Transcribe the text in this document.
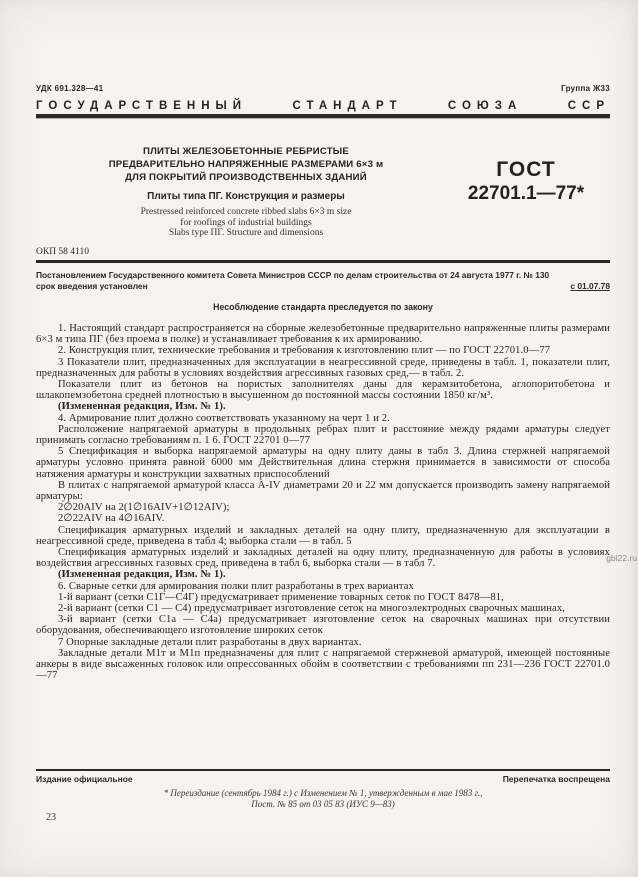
УДК 691.328—41	Группа Ж33
ГОСУДАРСТВЕННЫЙ СТАНДАРТ СОЮЗА ССР
ПЛИТЫ ЖЕЛЕЗОБЕТОННЫЕ РЕБРИСТЫЕ
ПРЕДВАРИТЕЛЬНО НАПРЯЖЕННЫЕ РАЗМЕРАМИ 6×3 м
ДЛЯ ПОКРЫТИЙ ПРОИЗВОДСТВЕННЫХ ЗДАНИЙ
Плиты типа ПГ. Конструкция и размеры
Prestressed reinforced concrete ribbed slabs 6×3 m size
for roofings of industrial buildings
Slabs type ПГ. Structure and dimensions
ГОСТ
22701.1—77*
ОКП 58 4110
Постановлением Государственного комитета Совета Министров СССР по делам строительства от 24 августа 1977 г. № 130
срок введения установлен	с 01.07.78
Несоблюдение стандарта преследуется по закону

1. Настоящий стандарт распространяется на сборные железобетонные предварительно напряженные плиты размерами 6×3 м типа ПГ (без проема в полке) и устанавливает требования к их армированию.

2. Конструкция плит, технические требования и требования к изготовлению плит — по ГОСТ 22701.0—77

3 Показатели плит, предназначенных для эксплуатации в неагрессивной среде, приведены в табл. 1, показатели плит, предназначенных для работы в условиях воздействия агрессивных газовых сред,— в табл. 2.

Показатели плит из бетонов на пористых заполнителях даны для керамзитобетона, аглопоритобетона и шлакопемзобетона средней плотностью в высушенном до постоянной массы состоянии 1850 кг/м³.

(Измененная редакция, Изм. № 1).

4. Армирование плит должно соответствовать указанному на черт 1 и 2.

Расположение напрягаемой арматуры в продольных ребрах плит и расстояние между рядами арматуры следует принимать согласно требованиям п. 1 6. ГОСТ 22701 0—77

5 Спецификация и выборка напрягаемой арматуры на одну плиту даны в табл 3. Длина стержней напрягаемой арматуры условно принята равной 6000 мм Действительная длина стержня принимается в зависимости от способа натяжения арматуры и конструкции захватных приспособлений

В плитах с напрягаемой арматурой класса A-IV диаметрами 20 и 22 мм допускается производить замену напрягаемой арматуры:

2∅20AIV на 2(1∅16AIV+1∅12AIV);

2∅22AIV на 4∅16AIV.

Спецификация арматурных изделий и закладных деталей на одну плиту, предназначенную для эксплуатации в неагрессивной среде, приведена в табл 4; выборка стали — в табл. 5

Спецификация арматурных изделий и закладных деталей на одну плиту, предназначенную для работы в условиях воздействия агрессивных газовых сред, приведена в табл 6, выборка стали — в табл 7.

(Измененная редакция, Изм. № 1).

6. Сварные сетки для армирования полки плит разработаны в трех вариантах

1-й вариант (сетки С1Г—С4Г) предусматривает применение товарных сеток по ГОСТ 8478—81,

2-й вариант (сетки С1 — С4) предусматривает изготовление сеток на многоэлектродных сварочных машинах,

3-й вариант (сетки С1а — С4а) предусматривает изготовление сеток на сварочных машинах при отсутствии оборудования, обеспечивающего изготовление широких сеток

7 Опорные закладные детали плит разработаны в двух вариантах.

Закладные детали М1т и М1п предназначены для плит с напрягаемой стержневой арматурой, имеющей постоянные анкеры в виде высаженных головок или опрессованных обойм в соответствии с требованиями пп 231—236 ГОСТ 22701.0—77

Издание официальное	Перепечатка воспрещена
* Переиздание (сентябрь 1984 г.) с Изменением № 1, утвержденным в мае 1983 г.,
Пост. № 85 от 03 05 83 (ИУС 9—83)
23
gbl22.ru
